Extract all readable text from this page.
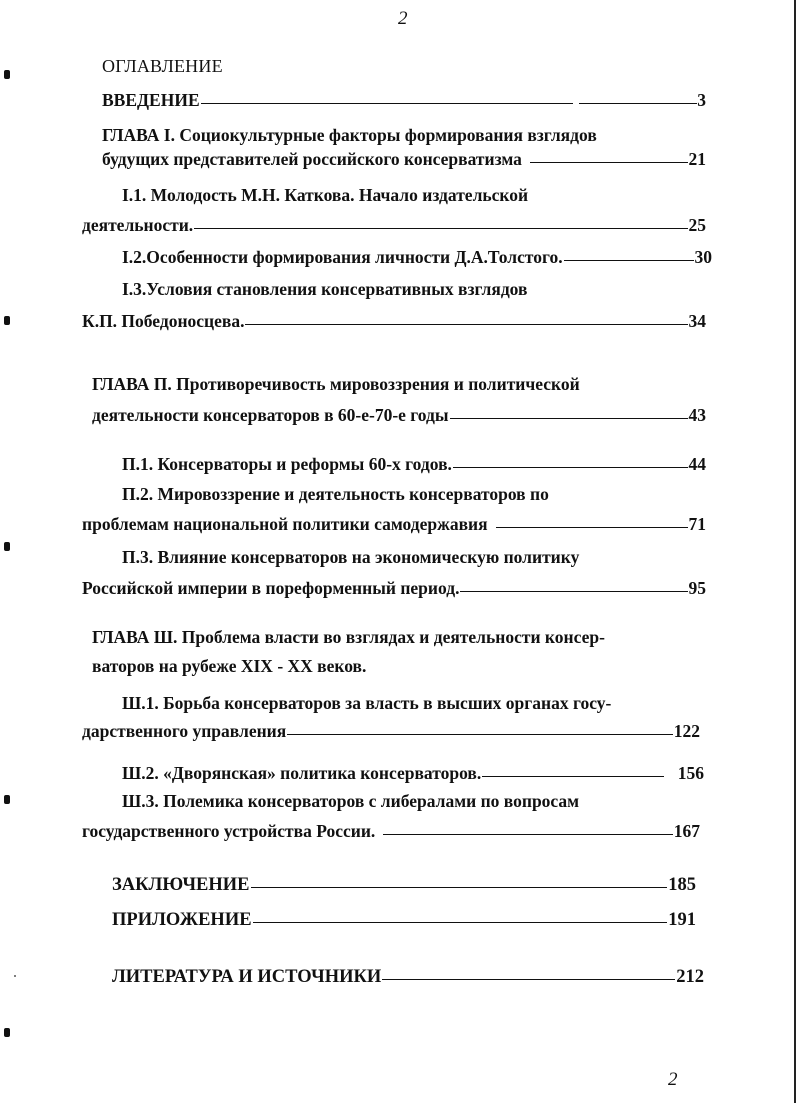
2
ОГЛАВЛЕНИЕ
ВВЕДЕНИЕ	3
ГЛАВА I. Социокультурные факторы формирования взглядов
будущих представителей российского консерватизма	21
I.1. Молодость М.Н. Каткова. Начало издательской
деятельности.	25
I.2.Особенности формирования личности Д.А.Толстого.	30
I.3.Условия становления консервативных взглядов
К.П. Победоносцева.	34
ГЛАВА П. Противоречивость мировоззрения и политической
деятельности консерваторов в 60-е-70-е годы	43
П.1. Консерваторы и реформы 60-х годов.	44
П.2. Мировоззрение и деятельность консерваторов по
проблемам национальной политики самодержавия	71
П.3. Влияние консерваторов на экономическую политику
Российской империи в пореформенный период.	95
ГЛАВА Ш. Проблема власти во взглядах и деятельности консер-
ваторов на рубеже XIX - XX веков.
Ш.1. Борьба консерваторов за власть в высших органах госу-
дарственного управления	122
Ш.2. «Дворянская» политика консерваторов.	156
Ш.3. Полемика консерваторов с либералами по вопросам
государственного устройства России.	167
ЗАКЛЮЧЕНИЕ	185
ПРИЛОЖЕНИЕ	191
ЛИТЕРАТУРА И ИСТОЧНИКИ	212
2
